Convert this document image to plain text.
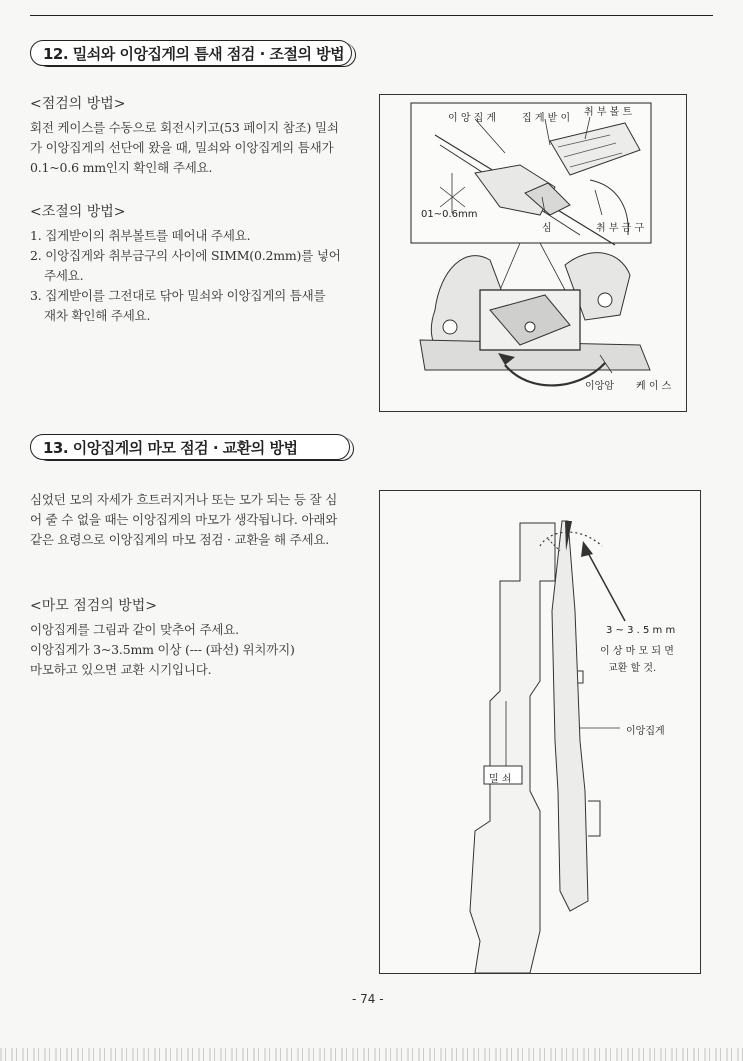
12. 밀쇠와 이앙집게의 틈새 점검 · 조절의 방법
<점검의 방법>
회전 케이스를 수동으로 회전시키고(53 페이지 참조) 밀쇠
가 이앙집게의 선단에 왔을 때, 밀쇠와 이앙집게의 틈새가
0.1~0.6 mm인지 확인해 주세요.
<조절의 방법>
1. 집게받이의 취부볼트를 떼어내 주세요.
2. 이앙집게와 취부금구의 사이에 SIMM(0.2mm)를 넣어
주세요.
3. 집게받이를 그전대로 닦아 밀쇠와 이앙집게의 틈새를
재차 확인해 주세요.
이 앙 집 게	집 게 받 이
취 부 볼 트
01~0.6mm
심	취 부 금 구
이앙암 케 이 스
13. 이앙집게의 마모 점검 · 교환의 방법
심었던 모의 자세가 흐트러지거나 또는 모가 되는 등 잘 심
어 줄 수 없을 때는 이앙집게의 마모가 생각됩니다. 아래와
같은 요령으로 이앙집게의 마모 점검 · 교환을 해 주세요.
<마모 점검의 방법>
이앙집게를 그림과 같이 맞추어 주세요.
이앙집게가 3~3.5mm 이상 (--- (파선) 위치까지)
마모하고 있으면 교환 시기입니다.
3 ~ 3 . 5 m m
이 상 마 모 되 면
교환 할 것.
이앙집게
밀 쇠
- 74 -
